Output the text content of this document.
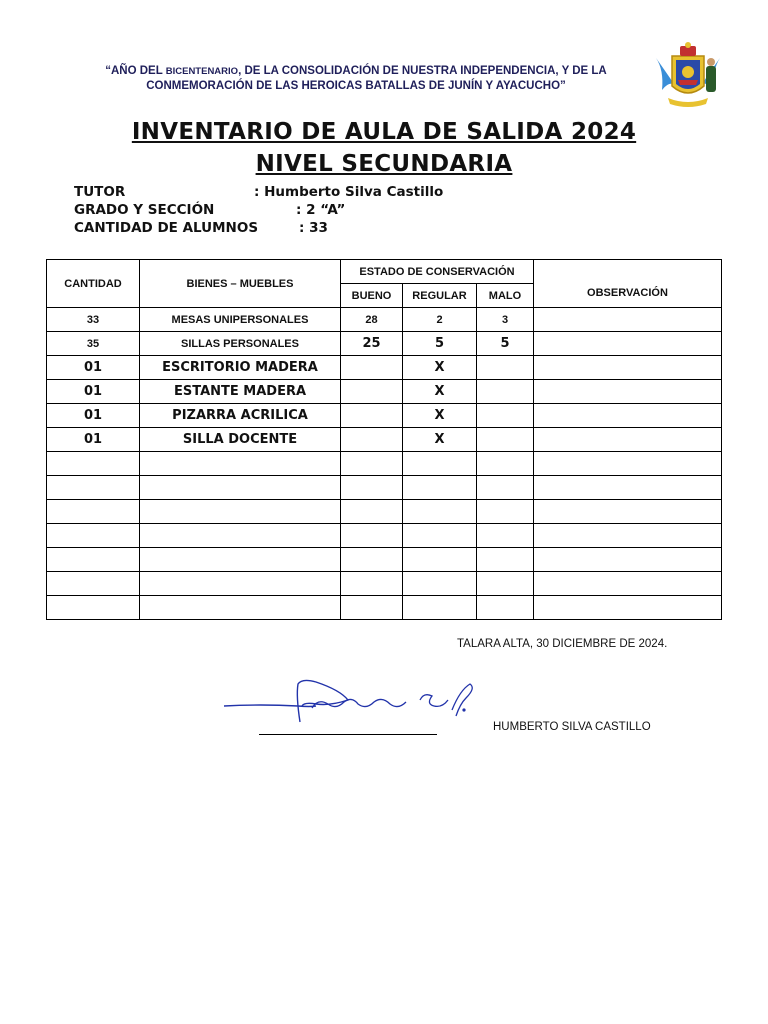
“AÑO DEL BICENTENARIO, DE LA CONSOLIDACIÓN DE NUESTRA INDEPENDENCIA, Y DE LA
CONMEMORACIÓN DE LAS HEROICAS BATALLAS DE JUNÍN Y AYACUCHO”
INVENTARIO DE AULA DE SALIDA 2024
NIVEL SECUNDARIA
TUTOR	: Humberto Silva Castillo
GRADO Y SECCIÓN	: 2 “A”
CANTIDAD DE ALUMNOS	: 33
CANTIDAD	BIENES – MUEBLES	ESTADO DE CONSERVACIÓN			OBSERVACIÓN
		BUENO	REGULAR	MALO	
33	MESAS UNIPERSONALES	28	2	3	
35	SILLAS PERSONALES	25	5	5	
01	ESCRITORIO MADERA		X		
01	ESTANTE MADERA		X		
01	PIZARRA ACRILICA		X		
01	SILLA DOCENTE		X		

TALARA ALTA, 30 DICIEMBRE DE 2024.
HUMBERTO SILVA CASTILLO
